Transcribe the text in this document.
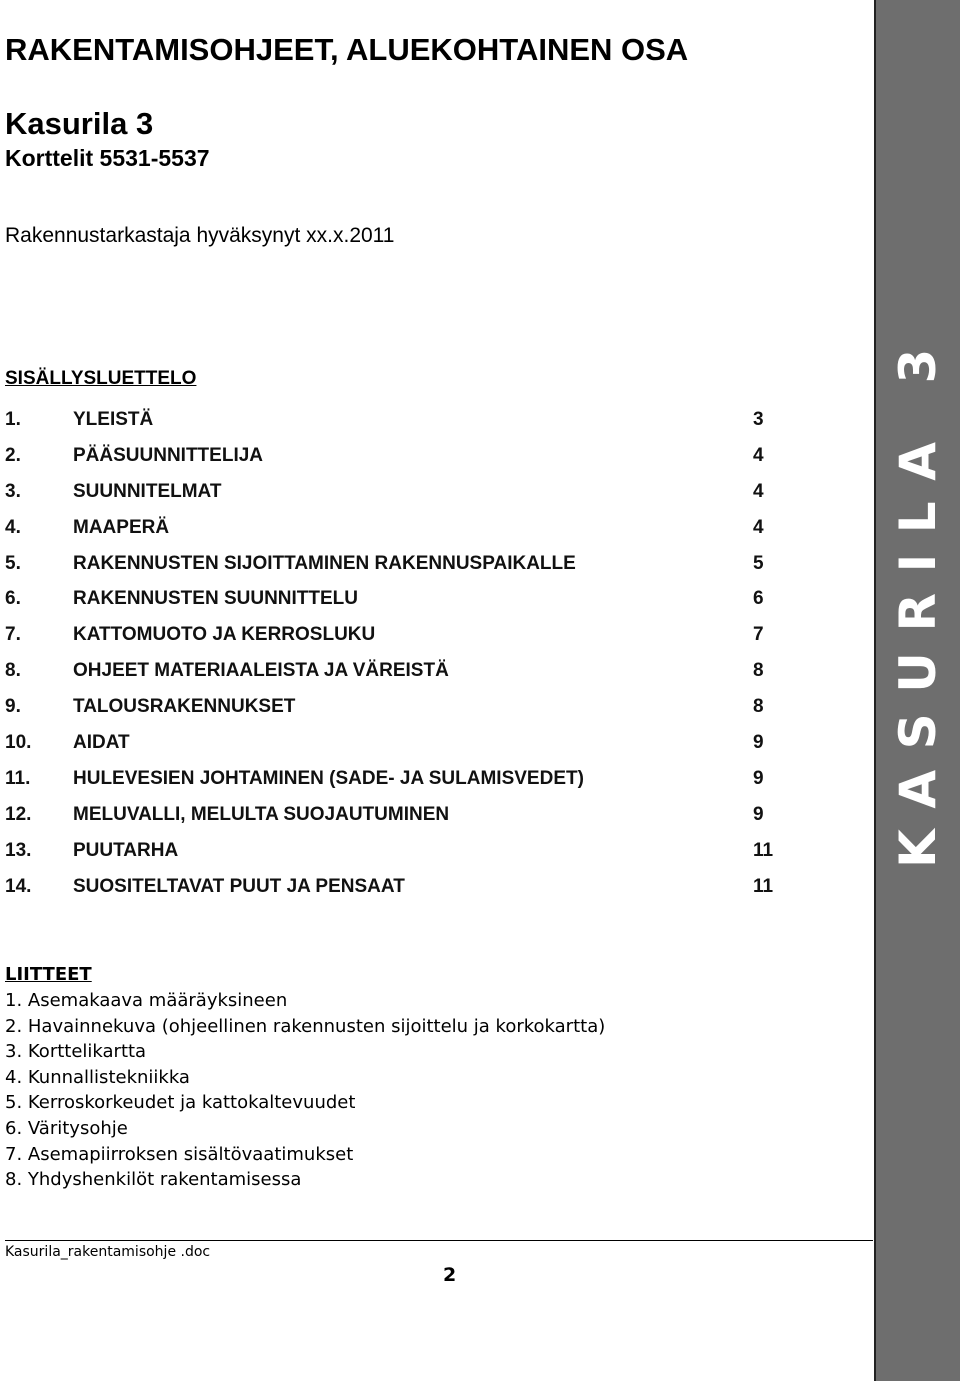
RAKENTAMISOHJEET, ALUEKOHTAINEN OSA
Kasurila 3
Korttelit 5531-5537
Rakennustarkastaja hyväksynyt xx.x.2011
SISÄLLYSLUETTELO
1.	YLEISTÄ	3
2.	PÄÄSUUNNITTELIJA	4
3.	SUUNNITELMAT	4
4.	MAAPERÄ	4
5.	RAKENNUSTEN SIJOITTAMINEN RAKENNUSPAIKALLE	5
6.	RAKENNUSTEN SUUNNITTELU	6
7.	KATTOMUOTO JA KERROSLUKU	7
8.	OHJEET MATERIAALEISTA JA VÄREISTÄ	8
9.	TALOUSRAKENNUKSET	8
10. AIDAT	9
11. HULEVESIEN JOHTAMINEN (SADE- JA SULAMISVEDET)	9
12. MELUVALLI, MELULTA SUOJAUTUMINEN	9
13. PUUTARHA	11
14. SUOSITELTAVAT PUUT JA PENSAAT	11
LIITTEET
1. Asemakaava määräyksineen
2. Havainnekuva (ohjeellinen rakennusten sijoittelu ja korkokartta)
3. Korttelikartta
4. Kunnallistekniikka
5. Kerroskorkeudet ja kattokaltevuudet
6. Väritysohje
7. Asemapiirroksen sisältövaatimukset
8. Yhdyshenkilöt rakentamisessa
Kasurila_rakentamisohje .doc
2
KASURILA 3
